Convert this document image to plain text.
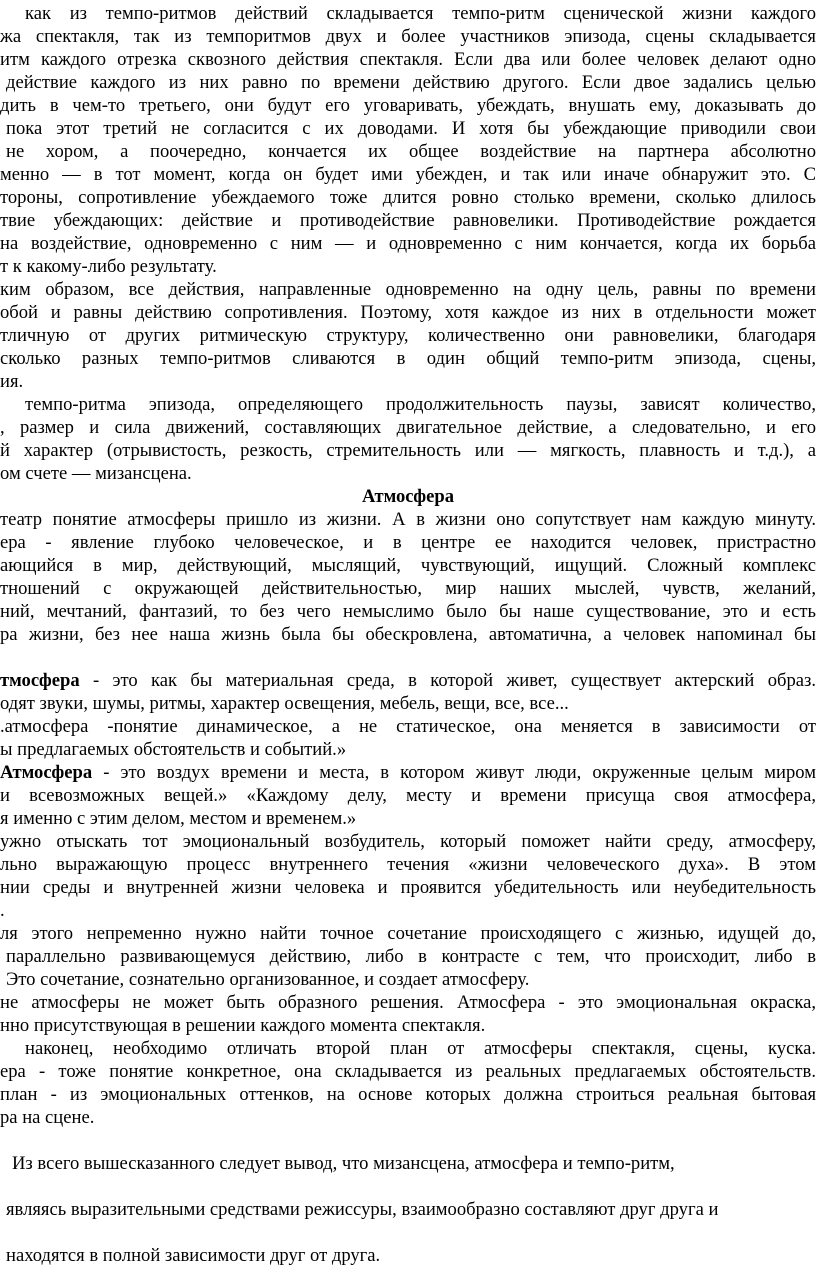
как из темпо-ритмов действий складывается темпо-ритм сценической жизни каждого
жа спектакля, так из темпоритмов двух и более участников эпизода, сцены складывается
итм каждого отрезка сквозного действия спектакля. Если два или более человек делают одно
действие каждого из них равно по времени действию другого. Если двое задались целью
дить в чем-то третьего, они будут его уговаривать, убеждать, внушать ему, доказывать до
пока этот третий не согласится с их доводами. И хотя бы убеждающие приводили свои
не хором, а поочередно, кончается их общее воздействие на партнера абсолютно
менно — в тот момент, когда он будет ими убежден, и так или иначе обнаружит это. С
тороны, сопротивление убеждаемого тоже длится ровно столько времени, сколько длилось
твие убеждающих: действие и противодействие равновелики. Противодействие рождается
на воздействие, одновременно с ним — и одновременно с ним кончается, когда их борьба
т к какому-либо результату.
ким образом, все действия, направленные одновременно на одну цель, равны по времени
обой и равны действию сопротивления. Поэтому, хотя каждое из них в отдельности может
тличную от других ритмическую структуру, количественно они равновелики, благодаря
сколько разных темпо-ритмов сливаются в один общий темпо-ритм эпизода, сцены,
ия.
темпо-ритма эпизода, определяющего продолжительность паузы, зависят количество,
, размер и сила движений, составляющих двигательное действие, а следовательно, и его
й характер (отрывистость, резкость, стремительность или — мягкость, плавность и т.д.), а
ом счете — мизансцена.
Атмосфера
театр понятие атмосферы пришло из жизни. А в жизни оно сопутствует нам каждую минуту.
ера - явление глубоко человеческое, и в центре ее находится человек, пристрастно
ающийся в мир, действующий, мыслящий, чувствующий, ищущий. Сложный комплекс
тношений с окружающей действительностью, мир наших мыслей, чувств, желаний,
ний, мечтаний, фантазий, то без чего немыслимо было бы наше существование, это и есть
ра жизни, без нее наша жизнь была бы обескровлена, автоматична, а человек напоминал бы
тмосфера - это как бы материальная среда, в которой живет, существует актерский образ.
одят звуки, шумы, ритмы, характер освещения, мебель, вещи, все, все...
.атмосфера -понятие динамическое, а не статическое, она меняется в зависимости от
ы предлагаемых обстоятельств и событий.»
Атмосфера - это воздух времени и места, в котором живут люди, окруженные целым миром
и всевозможных вещей.» «Каждому делу, месту и времени присуща своя атмосфера,
я именно с этим делом, местом и временем.»
ужно отыскать тот эмоциональный возбудитель, который поможет найти среду, атмосферу,
льно выражающую процесс внутреннего течения «жизни человеческого духа». В этом
нии среды и внутренней жизни человека и проявится убедительность или неубедительность
.
ля этого непременно нужно найти точное сочетание происходящего с жизнью, идущей до,
параллельно развивающемуся действию, либо в контрасте с тем, что происходит, либо в
Это сочетание, сознательно организованное, и создает атмосферу.
не атмосферы не может быть образного решения. Атмосфера - это эмоциональная окраска,
нно присутствующая в решении каждого момента спектакля.
наконец, необходимо отличать второй план от атмосферы спектакля, сцены, куска.
ера - тоже понятие конкретное, она складывается из реальных предлагаемых обстоятельств.
план - из эмоциональных оттенков, на основе которых должна строиться реальная бытовая
ра на сцене.
Из всего вышесказанного следует вывод, что мизансцена, атмосфера и темпо-ритм,
являясь выразительными средствами режиссуры, взаимообразно составляют друг друга и
находятся в полной зависимости друг от друга.
